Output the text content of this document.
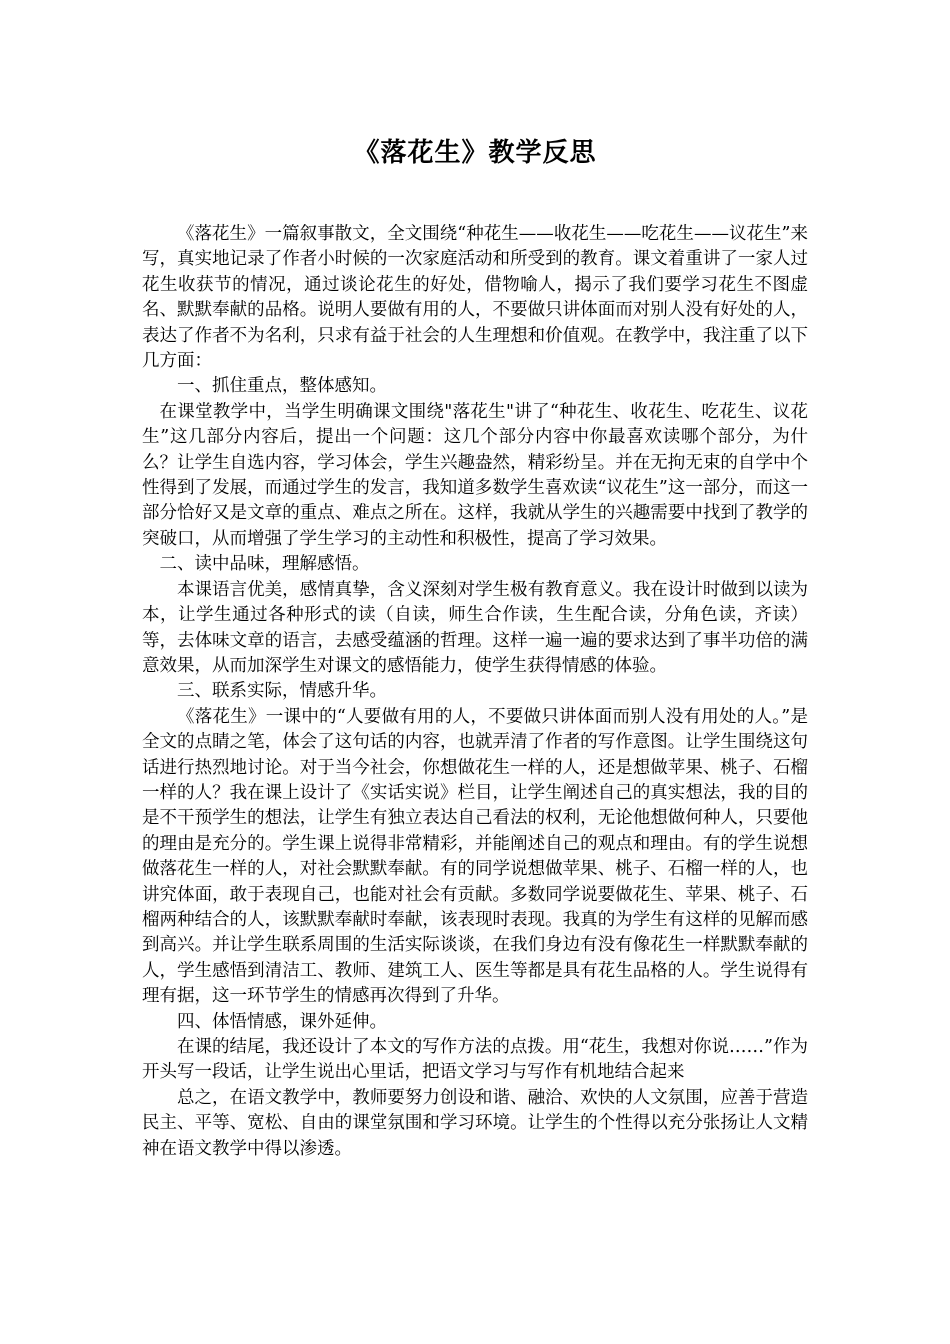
《落花生》教学反思

《落花生》一篇叙事散文，全文围绕“种花生——收花生——吃花生——议花生”来写，真实地记录了作者小时候的一次家庭活动和所受到的教育。课文着重讲了一家人过花生收获节的情况，通过谈论花生的好处，借物喻人，揭示了我们要学习花生不图虚名、默默奉献的品格。说明人要做有用的人，不要做只讲体面而对别人没有好处的人，表达了作者不为名利，只求有益于社会的人生理想和价值观。在教学中，我注重了以下几方面：

一、抓住重点，整体感知。

在课堂教学中，当学生明确课文围绕"落花生"讲了“种花生、收花生、吃花生、议花生”这几部分内容后，提出一个问题：这几个部分内容中你最喜欢读哪个部分，为什么？让学生自选内容，学习体会，学生兴趣盎然，精彩纷呈。并在无拘无束的自学中个性得到了发展，而通过学生的发言，我知道多数学生喜欢读“议花生”这一部分，而这一部分恰好又是文章的重点、难点之所在。这样，我就从学生的兴趣需要中找到了教学的突破口，从而增强了学生学习的主动性和积极性，提高了学习效果。

二、读中品味，理解感悟。

本课语言优美，感情真挚，含义深刻对学生极有教育意义。我在设计时做到以读为本，让学生通过各种形式的读（自读，师生合作读，生生配合读，分角色读，齐读）等，去体味文章的语言，去感受蕴涵的哲理。这样一遍一遍的要求达到了事半功倍的满意效果，从而加深学生对课文的感悟能力，使学生获得情感的体验。

三、联系实际，情感升华。

《落花生》一课中的“人要做有用的人，不要做只讲体面而别人没有用处的人。”是全文的点睛之笔，体会了这句话的内容，也就弄清了作者的写作意图。让学生围绕这句话进行热烈地讨论。对于当今社会，你想做花生一样的人，还是想做苹果、桃子、石榴一样的人？我在课上设计了《实话实说》栏目，让学生阐述自己的真实想法，我的目的是不干预学生的想法，让学生有独立表达自己看法的权利，无论他想做何种人，只要他的理由是充分的。学生课上说得非常精彩，并能阐述自己的观点和理由。有的学生说想做落花生一样的人，对社会默默奉献。有的同学说想做苹果、桃子、石榴一样的人，也讲究体面，敢于表现自己，也能对社会有贡献。多数同学说要做花生、苹果、桃子、石榴两种结合的人，该默默奉献时奉献，该表现时表现。我真的为学生有这样的见解而感到高兴。并让学生联系周围的生活实际谈谈，在我们身边有没有像花生一样默默奉献的人，学生感悟到清洁工、教师、建筑工人、医生等都是具有花生品格的人。学生说得有理有据，这一环节学生的情感再次得到了升华。

四、体悟情感，课外延伸。

在课的结尾，我还设计了本文的写作方法的点拨。用“花生，我想对你说……”作为开头写一段话，让学生说出心里话，把语文学习与写作有机地结合起来

总之，在语文教学中，教师要努力创设和谐、融洽、欢快的人文氛围，应善于营造民主、平等、宽松、自由的课堂氛围和学习环境。让学生的个性得以充分张扬让人文精神在语文教学中得以渗透。
